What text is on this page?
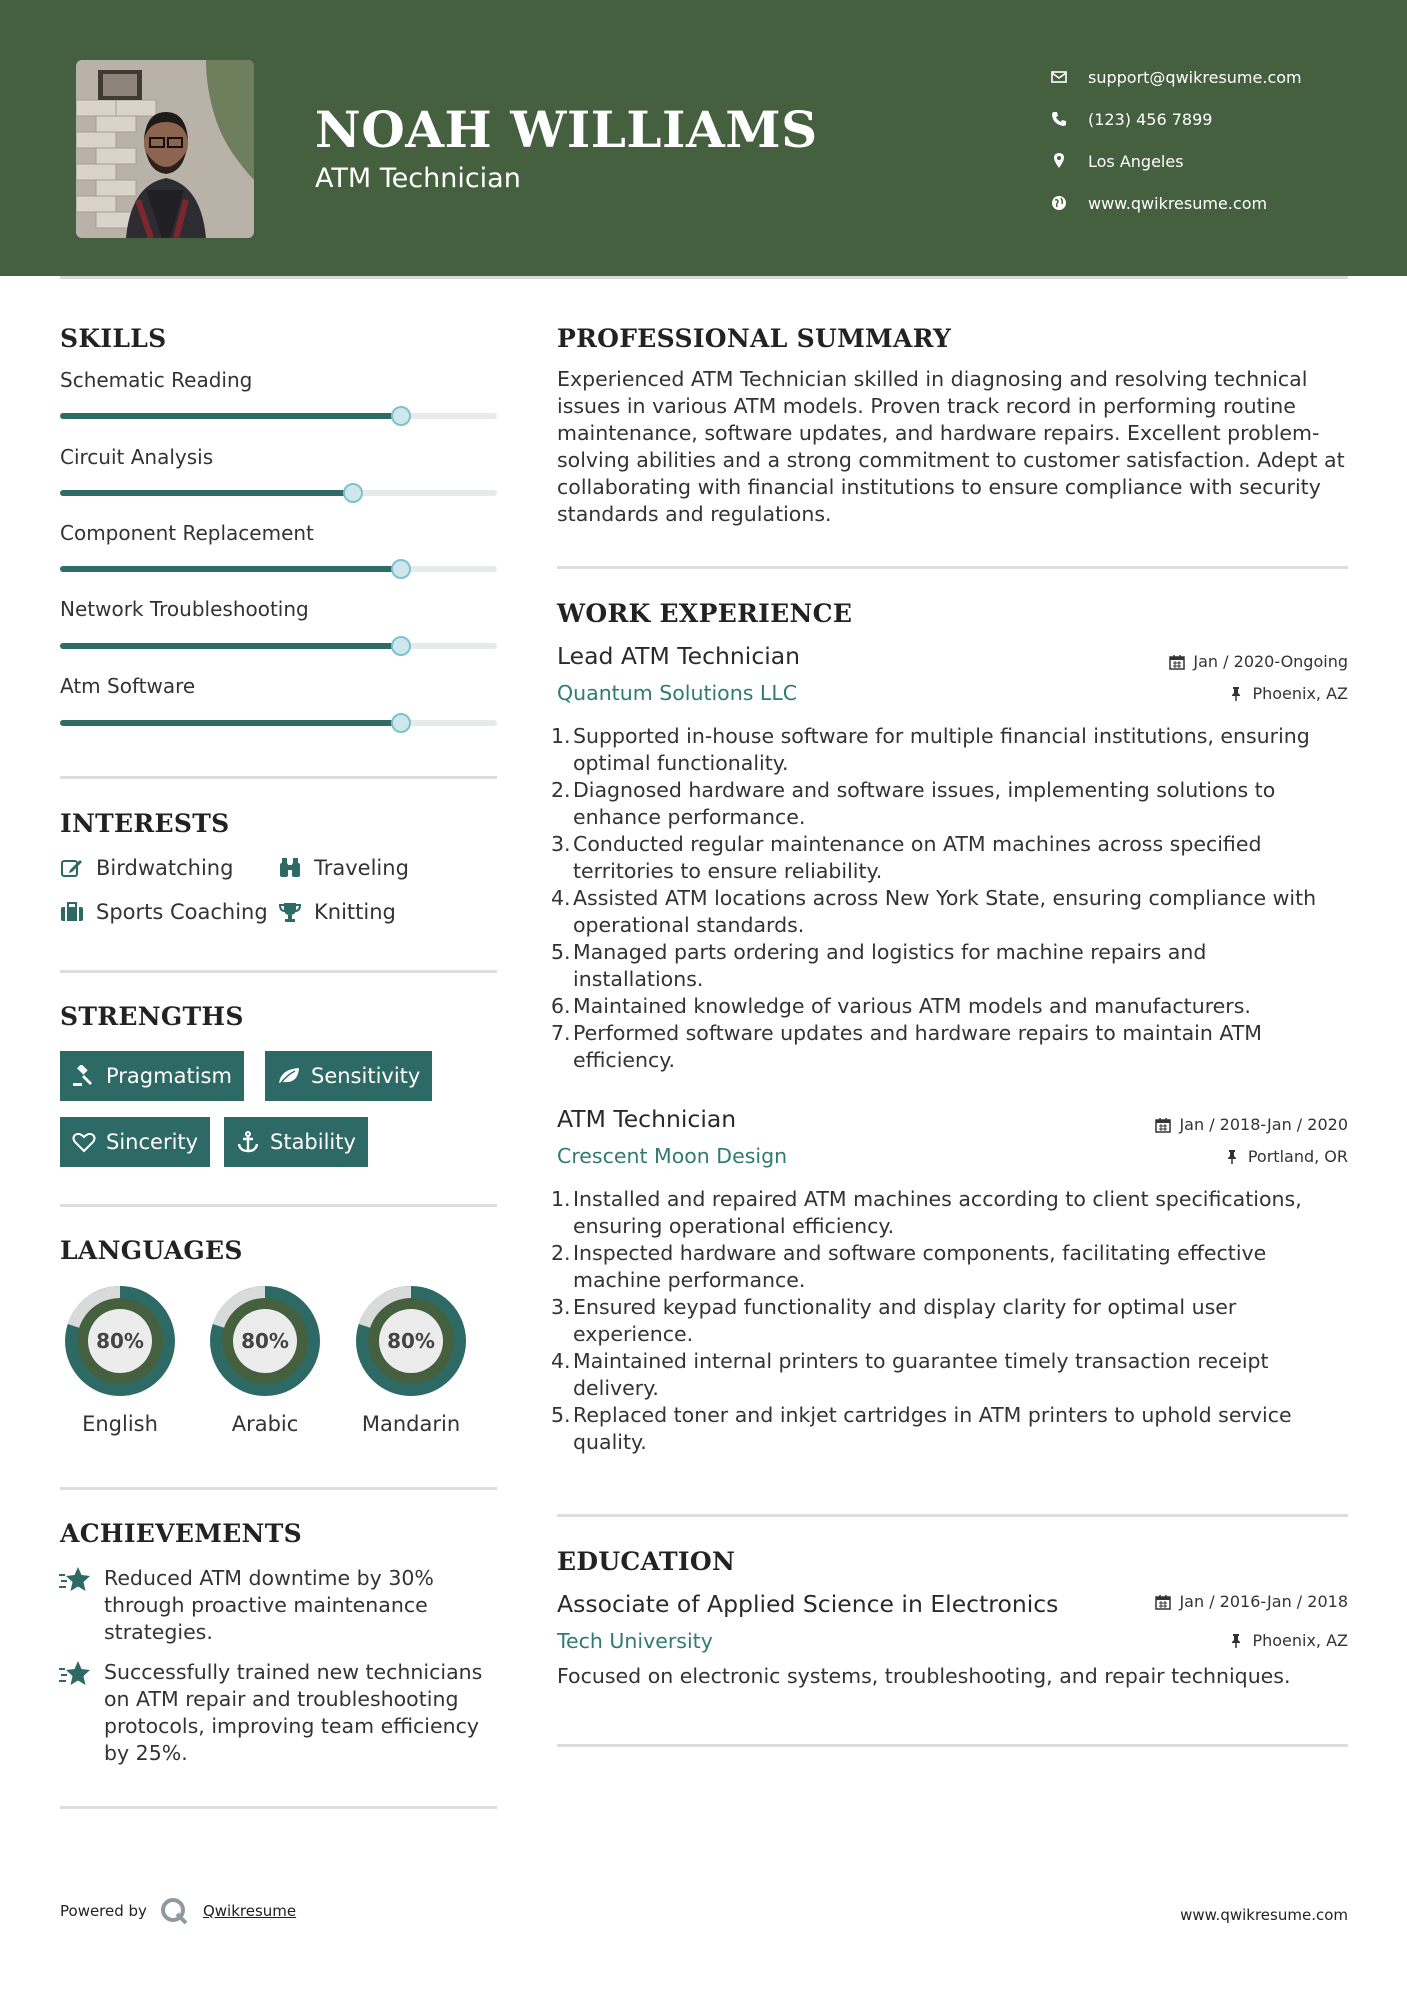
NOAH WILLIAMS
ATM Technician
support@qwikresume.com
(123) 456 7899
Los Angeles
www.qwikresume.com
SKILLS
Schematic Reading
Circuit Analysis
Component Replacement
Network Troubleshooting
Atm Software
INTERESTS
Birdwatching	Traveling
Sports Coaching Knitting
STRENGTHS
Pragmatism	Sensitivity
Sincerity	Stability
LANGUAGES
80%
English
80%
Arabic
80%
Mandarin
ACHIEVEMENTS
Reduced ATM downtime by 30% through proactive maintenance strategies.
Successfully trained new technicians on ATM repair and troubleshooting protocols, improving team efficiency by 25%.
PROFESSIONAL SUMMARY
Experienced ATM Technician skilled in diagnosing and resolving technical issues in various ATM models. Proven track record in performing routine maintenance, software updates, and hardware repairs. Excellent problem-solving abilities and a strong commitment to customer satisfaction. Adept at collaborating with financial institutions to ensure compliance with security standards and regulations.
WORK EXPERIENCE
Lead ATM Technician
Quantum Solutions LLC
Jan / 2020-Ongoing
Phoenix, AZ
1. Supported in-house software for multiple financial institutions, ensuring optimal functionality.
2. Diagnosed hardware and software issues, implementing solutions to enhance performance.
3. Conducted regular maintenance on ATM machines across specified territories to ensure reliability.
4. Assisted ATM locations across New York State, ensuring compliance with operational standards.
5. Managed parts ordering and logistics for machine repairs and installations.
6. Maintained knowledge of various ATM models and manufacturers.
7. Performed software updates and hardware repairs to maintain ATM efficiency.
ATM Technician
Crescent Moon Design
Jan / 2018-Jan / 2020
Portland, OR
1. Installed and repaired ATM machines according to client specifications, ensuring operational efficiency.
2. Inspected hardware and software components, facilitating effective machine performance.
3. Ensured keypad functionality and display clarity for optimal user experience.
4. Maintained internal printers to guarantee timely transaction receipt delivery.
5. Replaced toner and inkjet cartridges in ATM printers to uphold service quality.
EDUCATION
Associate of Applied Science in Electronics
Tech University
Jan / 2016-Jan / 2018
Phoenix, AZ
Focused on electronic systems, troubleshooting, and repair techniques.
Powered by	Qwikresume	www.qwikresume.com
